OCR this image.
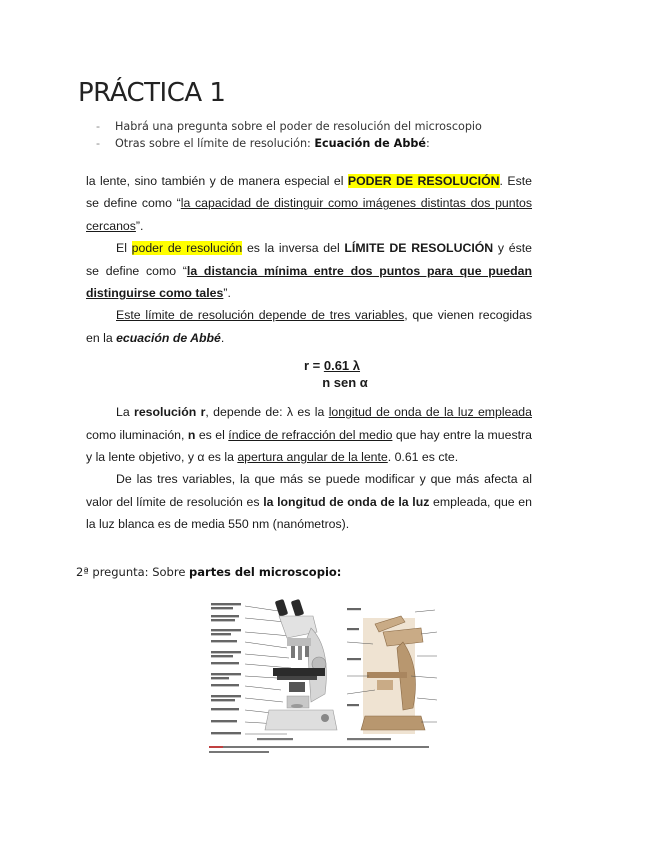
PRÁCTICA 1
- Habrá una pregunta sobre el poder de resolución del microscopio
- Otras sobre el límite de resolución: Ecuación de Abbé:

la lente, sino también y de manera especial el PODER DE RESOLUCIÓN. Este se define como “la capacidad de distinguir como imágenes distintas dos puntos cercanos”.

El poder de resolución es la inversa del LÍMITE DE RESOLUCIÓN y éste se define como “la distancia mínima entre dos puntos para que puedan distinguirse como tales”.

Este límite de resolución depende de tres variables, que vienen recogidas en la ecuación de Abbé.

r = 0.61 λ
n sen α

La resolución r, depende de: λ es la longitud de onda de la luz empleada como iluminación, n es el índice de refracción del medio que hay entre la muestra y la lente objetivo, y α es la apertura angular de la lente. 0.61 es cte.

De las tres variables, la que más se puede modificar y que más afecta al valor del límite de resolución es la longitud de onda de la luz empleada, que en la luz blanca es de media 550 nm (nanómetros).

2ª pregunta: Sobre partes del microscopio:
